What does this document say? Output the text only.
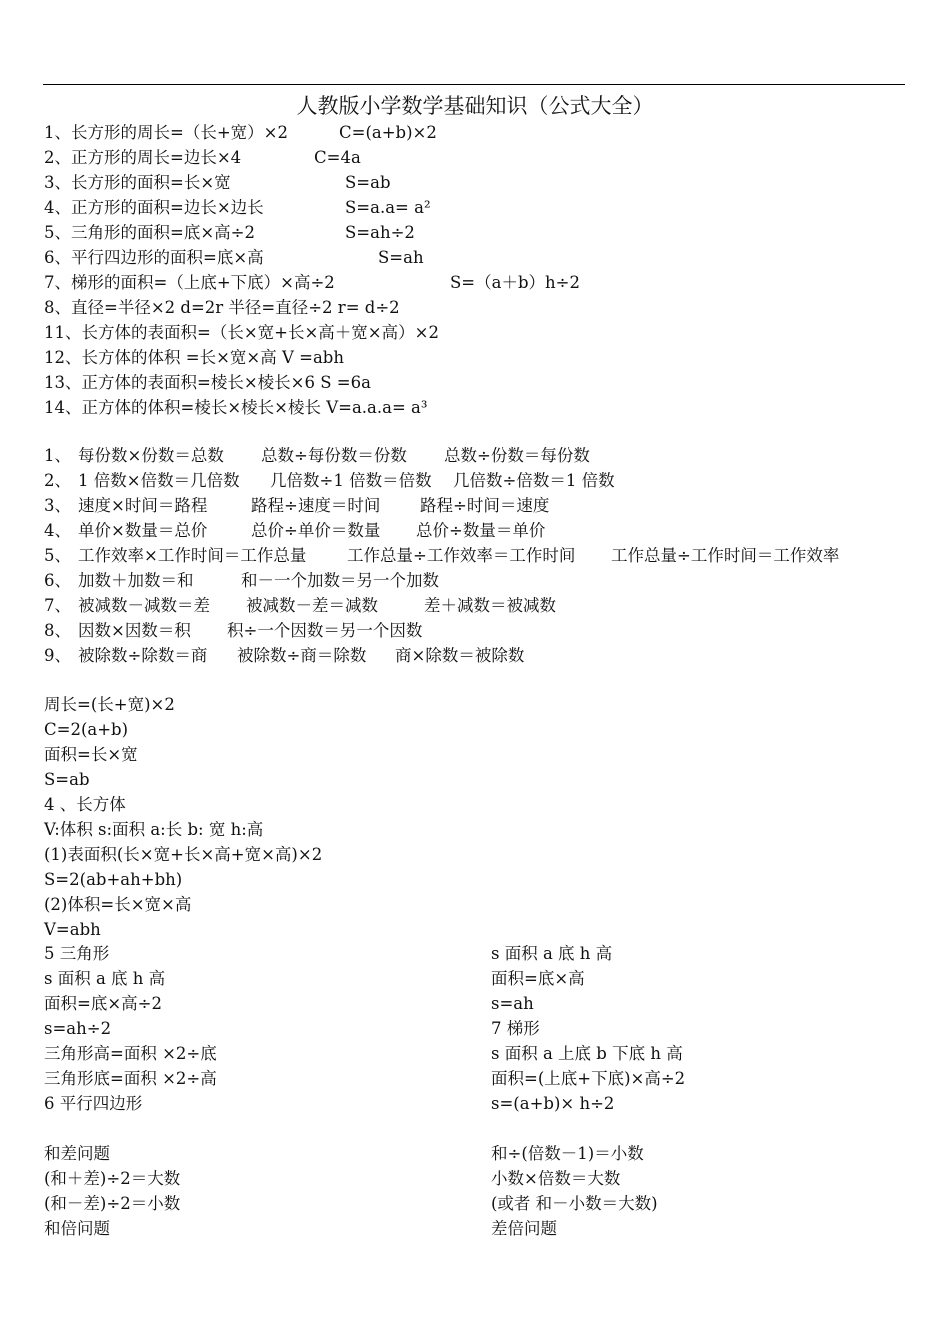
人教版小学数学基础知识（公式大全）
1、长方形的周长=（长+宽）×2	C=(a+b)×2
2、正方形的周长=边长×4	C=4a
3、长方形的面积=长×宽	S=ab
4、正方形的面积=边长×边长	S=a.a= a²
5、三角形的面积=底×高÷2	S=ah÷2
6、平行四边形的面积=底×高	S=ah
7、梯形的面积=（上底+下底）×高÷2	S=（a＋b）h÷2
8、直径=半径×2 d=2r 半径=直径÷2 r= d÷2
11、长方体的表面积=（长×宽+长×高＋宽×高）×2
12、长方体的体积 =长×宽×高 V =abh
13、正方体的表面积=棱长×棱长×6 S =6a
14、正方体的体积=棱长×棱长×棱长 V=a.a.a= a³
1、 每份数×份数＝总数 总数÷每份数＝份数 总数÷份数＝每份数
2、 1 倍数×倍数＝几倍数 几倍数÷1 倍数＝倍数 几倍数÷倍数＝1 倍数
3、 速度×时间＝路程	路程÷速度＝时间 路程÷时间＝速度
4、 单价×数量＝总价	总价÷单价＝数量 总价÷数量＝单价
5、 工作效率×工作时间＝工作总量 工作总量÷工作效率＝工作时间 工作总量÷工作时间＝工作效率
6、 加数＋加数＝和	和－一个加数＝另一个加数
7、 被减数－减数＝差 被减数－差＝减数	差＋减数＝被减数
8、 因数×因数＝积 积÷一个因数＝另一个因数
9、 被除数÷除数＝商 被除数÷商＝除数 商×除数＝被除数
周长=(长+宽)×2
C=2(a+b)
面积=长×宽
S=ab
4 、长方体
V:体积 s:面积 a:长 b: 宽 h:高
(1)表面积(长×宽+长×高+宽×高)×2
S=2(ab+ah+bh)
(2)体积=长×宽×高
V=abh
5 三角形
s 面积 a 底 h 高
面积=底×高÷2
s=ah÷2
三角形高=面积 ×2÷底
三角形底=面积 ×2÷高
6 平行四边形
和差问题
(和＋差)÷2＝大数
(和－差)÷2＝小数
和倍问题
s 面积 a 底 h 高
面积=底×高
s=ah
7 梯形
s 面积 a 上底 b 下底 h 高
面积=(上底+下底)×高÷2
s=(a+b)× h÷2
和÷(倍数－1)＝小数
小数×倍数＝大数
(或者 和－小数＝大数)
差倍问题
